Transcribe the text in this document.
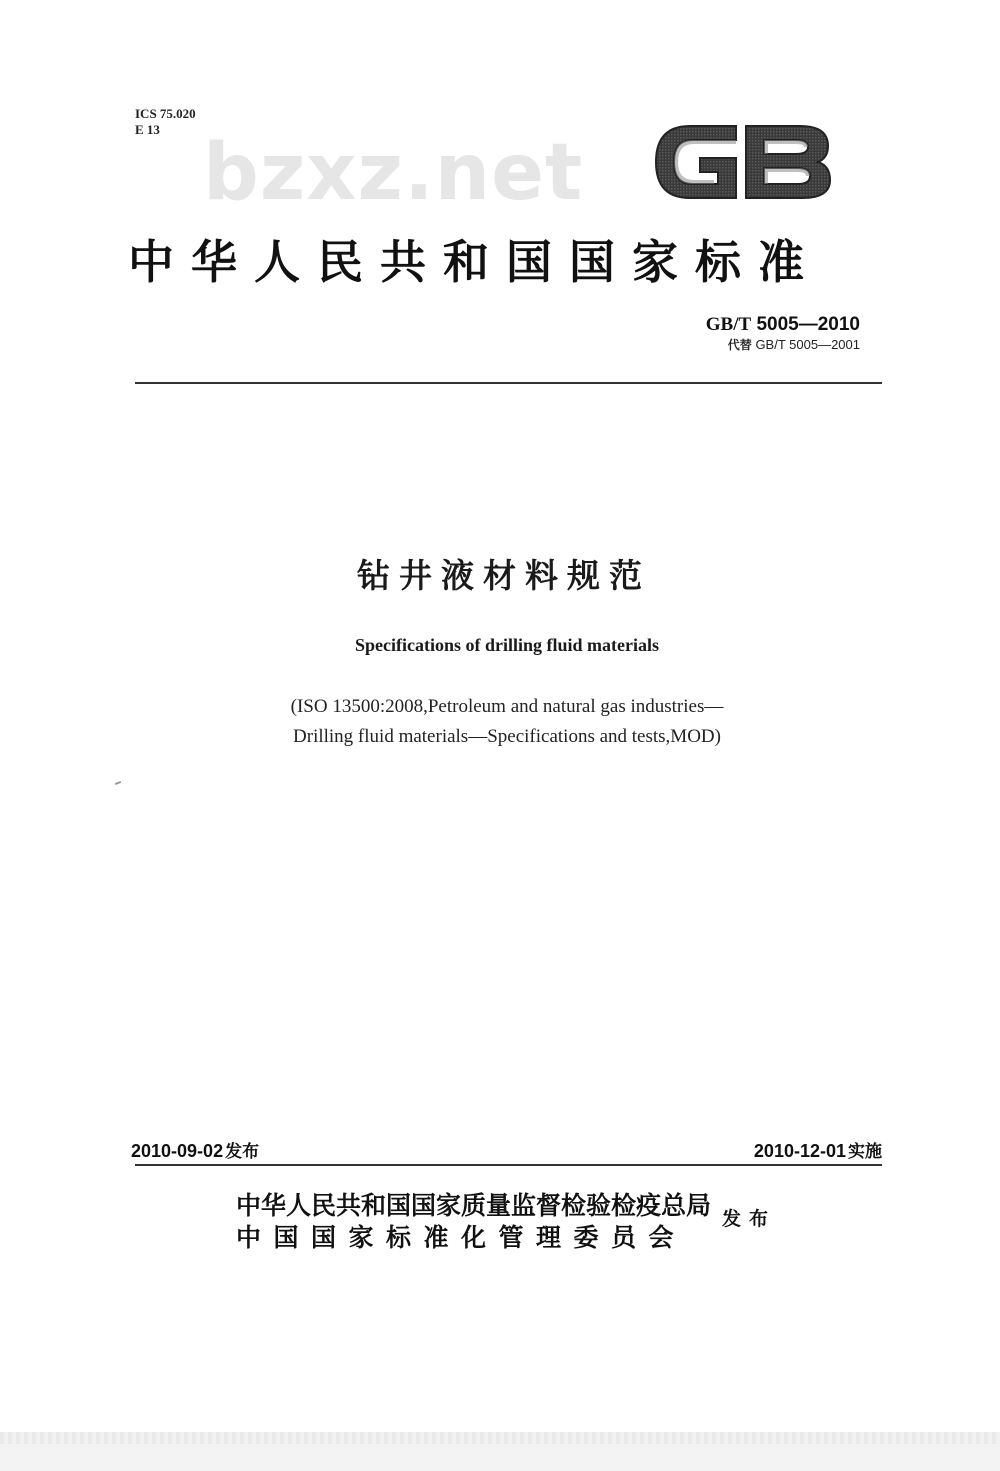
ICS 75.020
E 13 bzxz.net
GB
中华人民共和国国家标准
GB/T 5005—2010
代替 GB/T 5005—2001
钻井液材料规范
Specifications of drilling fluid materials
(ISO 13500:2008,Petroleum and natural gas industries—
Drilling fluid materials—Specifications and tests,MOD)
2010-09-02 发布	2010-12-01 实施
中华人民共和国国家质量监督检验检疫总局
中国国家标准化管理委员会
发布
